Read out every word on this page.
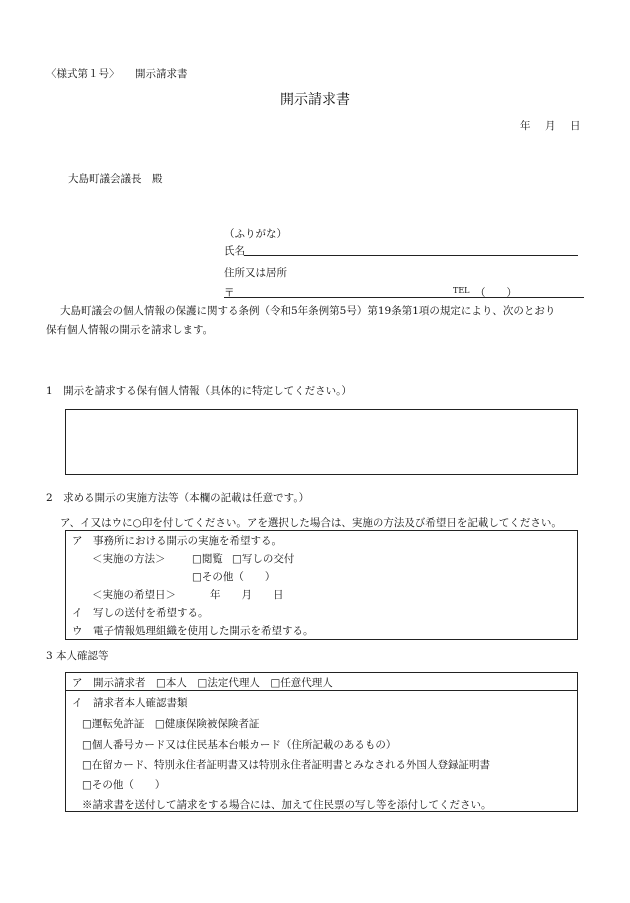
〈様式第１号〉 開示請求書
開示請求書
年 月 日
大島町議会議長　殿
（ふりがな）
氏名
住所又は居所
〒	TEL （　　）
大島町議会の個人情報の保護に関する条例（令和5年条例第5号）第19条第1項の規定により、次のとおり
保有個人情報の開示を請求します。
1　開示を請求する保有個人情報（具体的に特定してください。）
2　求める開示の実施方法等（本欄の記載は任意です。）
ア、イ又はウに○印を付してください。アを選択した場合は、実施の方法及び希望日を記載してください。
ア　事務所における開示の実施を希望する。
＜実施の方法＞	□閲覧 □写しの交付
□その他（　　）
＜実施の希望日＞	年　　月　　日
イ　写しの送付を希望する。
ウ　電子情報処理組織を使用した開示を希望する。
3 本人確認等
ア　開示請求者　□本人　□法定代理人　□任意代理人
イ　請求者本人確認書類
□運転免許証　□健康保険被保険者証
□個人番号カード又は住民基本台帳カード（住所記載のあるもの）
□在留カード、特別永住者証明書又は特別永住者証明書とみなされる外国人登録証明書
□その他（　　）
※請求書を送付して請求をする場合には、加えて住民票の写し等を添付してください。
